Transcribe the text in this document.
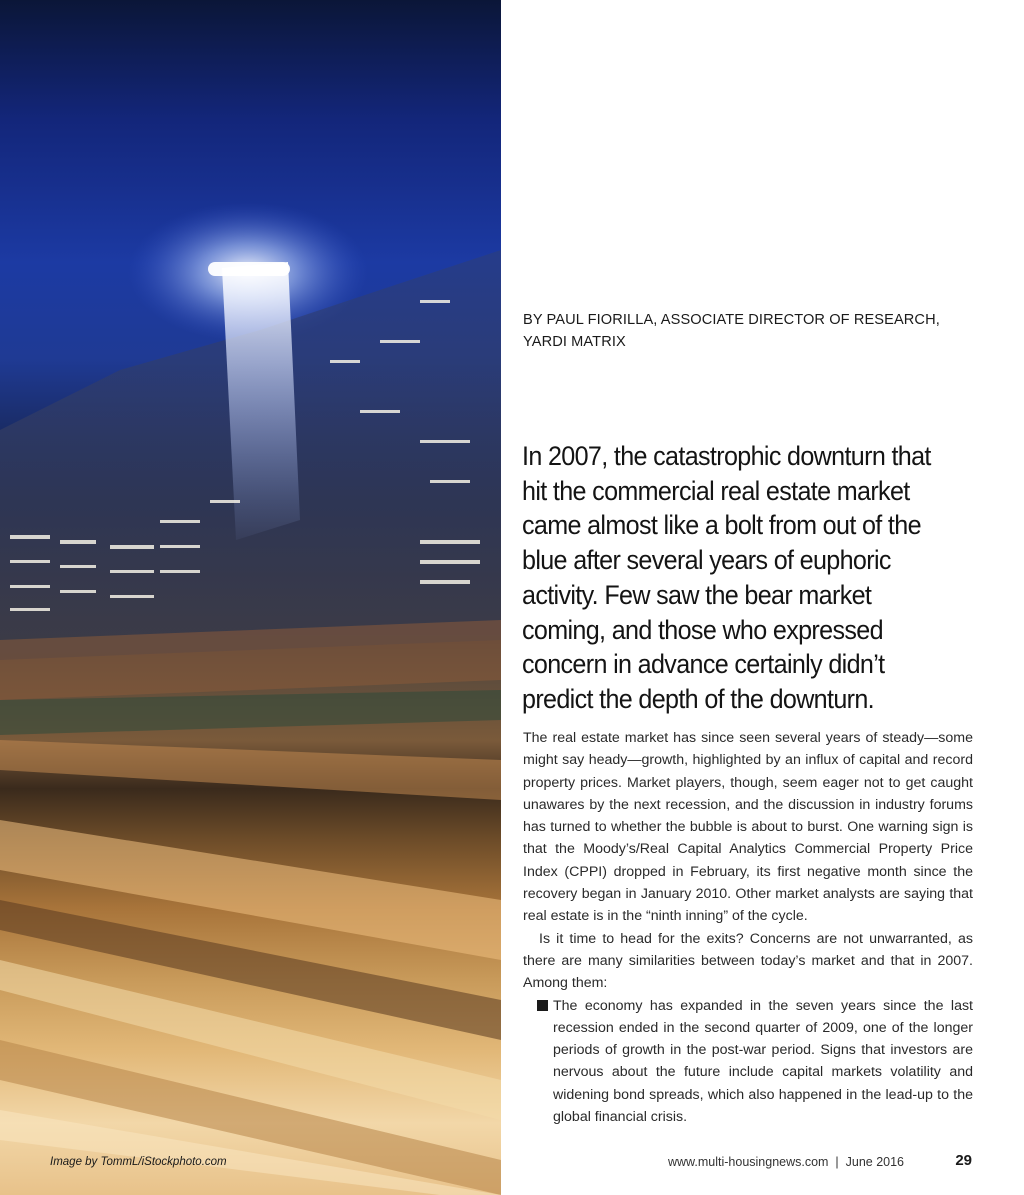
BY PAUL FIORILLA, ASSOCIATE DIRECTOR OF RESEARCH,
YARDI MATRIX

In 2007, the catastrophic downturn that hit the commercial real estate market came almost like a bolt from out of the blue after several years of euphoric activity. Few saw the bear market coming, and those who expressed concern in advance certainly didn’t predict the depth of the downturn.

The real estate market has since seen several years of steady—some might say heady—growth, highlighted by an influx of capital and record property prices. Market players, though, seem eager not to get caught unawares by the next recession, and the discussion in industry forums has turned to whether the bubble is about to burst. One warning sign is that the Moody’s/Real Capital Analytics Commercial Property Price Index (CPPI) dropped in February, its first negative month since the recovery began in January 2010. Other market analysts are saying that real estate is in the “ninth inning” of the cycle.

Is it time to head for the exits? Concerns are not unwarranted, as there are many similarities between today’s market and that in 2007. Among them:

The economy has expanded in the seven years since the last recession ended in the second quarter of 2009, one of the longer periods of growth in the post-war period. Signs that investors are nervous about the future include capital markets volatility and widening bond spreads, which also happened in the lead-up to the global financial crisis.
Image by TommL/iStockphoto.com	www.multi-housingnews.com  |  June 2016	29
